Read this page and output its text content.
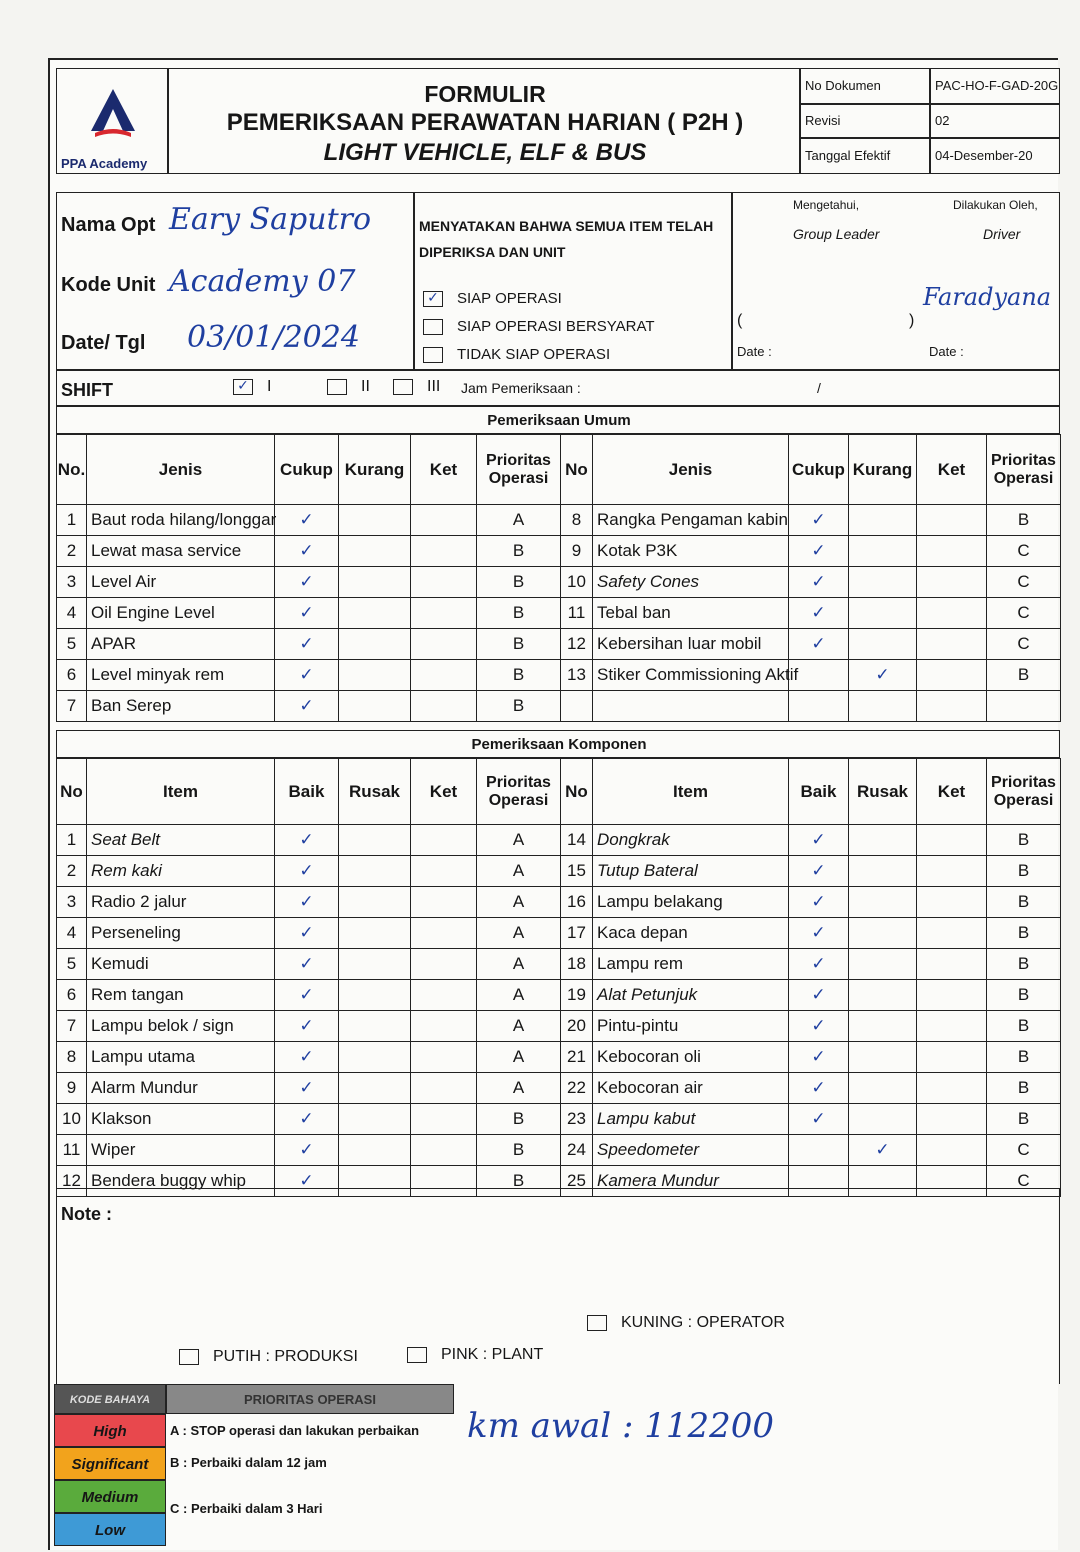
PPA Academy
FORMULIR
PEMERIKSAAN PERAWATAN HARIAN ( P2H )
LIGHT VEHICLE, ELF & BUS
No Dokumen	PAC-HO-F-GAD-20G
Revisi	02
Tanggal Efektif	04-Desember-20
Nama Opt Eary Saputro
Kode Unit Academy 07
Date/ Tgl 03/01/2024
MENYATAKAN BAHWA SEMUA ITEM TELAH
DIPERIKSA DAN UNIT
✓ SIAP OPERASI
SIAP OPERASI BERSYARAT
TIDAK SIAP OPERASI
Mengetahui,
Group Leader
Dilakukan Oleh,
Driver
Faradyana
(	)
Date :	Date :
SHIFT	✓ I	II	III Jam Pemeriksaan :	/
Pemeriksaan Umum
No.	Jenis	Cukup	Kurang	Ket	Prioritas Operasi	No	Jenis	Cukup	Kurang	Ket	Prioritas Operasi
1	Baut roda hilang/longgar	✓			A	8	Rangka Pengaman kabin	✓			B
2	Lewat masa service	✓			B	9	Kotak P3K	✓			C
3	Level Air	✓			B	10	Safety Cones	✓			C
4	Oil Engine Level	✓			B	11	Tebal ban	✓			C
5	APAR	✓			B	12	Kebersihan luar mobil	✓			C
6	Level minyak rem	✓			B	13	Stiker Commissioning Aktif		✓		B
7	Ban Serep	✓			B						
Pemeriksaan Komponen
No	Item	Baik	Rusak	Ket	Prioritas Operasi	No	Item	Baik	Rusak	Ket	Prioritas Operasi
1	Seat Belt	✓			A	14	Dongkrak	✓			B
2	Rem kaki	✓			A	15	Tutup Bateral	✓			B
3	Radio 2 jalur	✓			A	16	Lampu belakang	✓			B
4	Perseneling	✓			A	17	Kaca depan	✓			B
5	Kemudi	✓			A	18	Lampu rem	✓			B
6	Rem tangan	✓			A	19	Alat Petunjuk	✓			B
7	Lampu belok / sign	✓			A	20	Pintu-pintu	✓			B
8	Lampu utama	✓			A	21	Kebocoran oli	✓			B
9	Alarm Mundur	✓			A	22	Kebocoran air	✓			B
10	Klakson	✓			B	23	Lampu kabut	✓			B
11	Wiper	✓			B	24	Speedometer		✓		C
12	Bendera buggy whip	✓			B	25	Kamera Mundur				C
Note :
PUTIH : PRODUKSI	PINK : PLANT
KUNING : OPERATOR
km awal : 112200
KODE BAHAYA	PRIORITAS OPERASI
High
Significant
Medium
Low
A : STOP operasi dan lakukan perbaikan
B : Perbaiki dalam 12 jam
C : Perbaiki dalam 3 Hari
